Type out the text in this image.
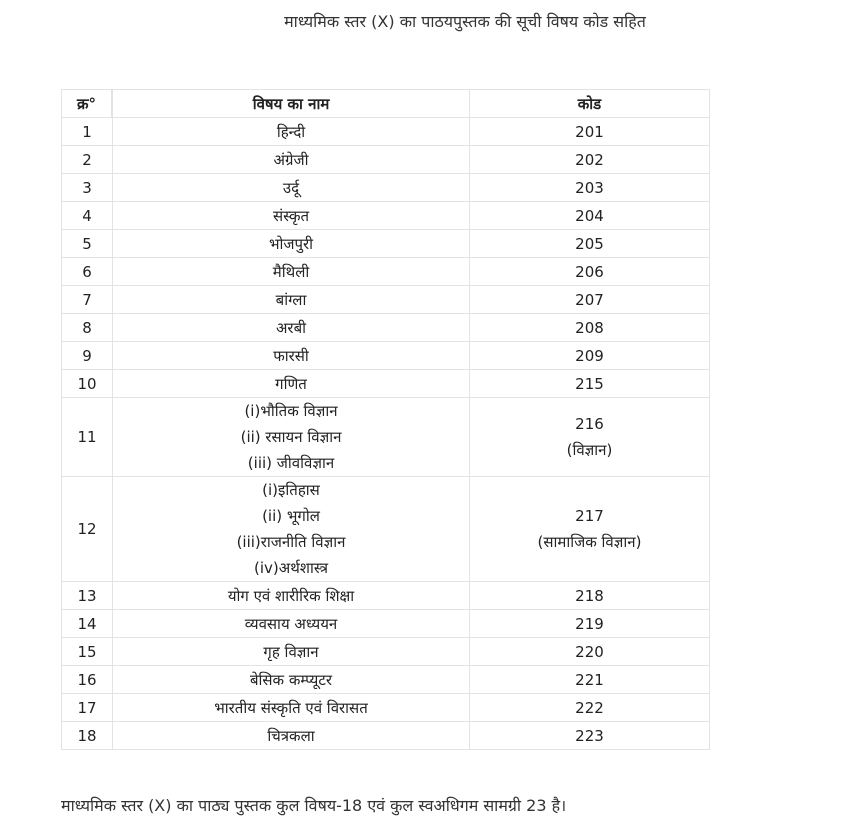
माध्यमिक स्तर (X) का पाठयपुस्तक की सूची विषय कोड सहित
क्र°		विषय का नाम	कोड
1	हिन्दी	201

2	अंग्रेजी	202

3	उर्दू	203

4	संस्कृत	204

5	भोजपुरी	205

6	मैथिली	206

7	बांग्ला	207

8	अरबी	208

9	फारसी	209

10	गणित	215

11	(i)भौतिक विज्ञान
(ii) रसायन विज्ञान
(iii) जीवविज्ञान	216
(विज्ञान)

12	(i)इतिहास
(ii) भूगोल
(iii)राजनीति विज्ञान
(iv)अर्थशास्त्र	217
(सामाजिक विज्ञान)

13	योग एवं शारीरिक शिक्षा	218

14	व्यवसाय अध्ययन	219

15	गृह विज्ञान	220

16	बेसिक कम्प्यूटर	221

17	भारतीय संस्कृति एवं विरासत	222

18	चित्रकला	223
माध्यमिक स्तर (X) का पाठ्य पुस्तक कुल विषय-18 एवं कुल स्वअधिगम सामग्री 23 है।
